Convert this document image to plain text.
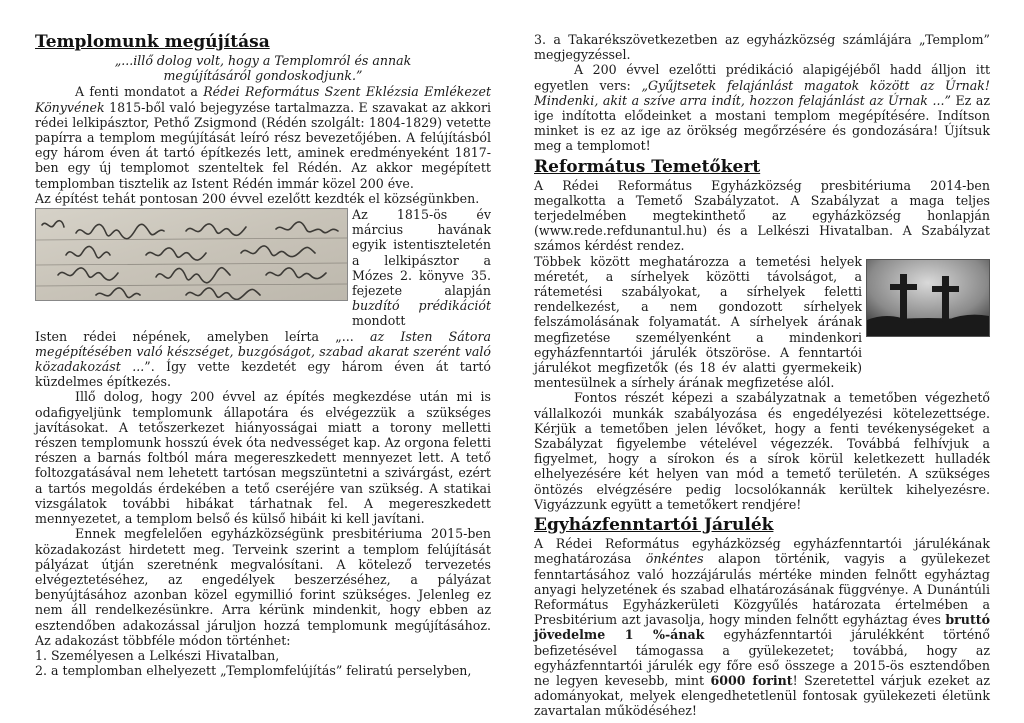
Templomunk megújítása

„...illő dolog volt, hogy a Templomról és annak megújításáról gondoskodjunk.”

A fenti mondatot a Rédei Református Szent Eklézsia Emlékezet Könyvének 1815-ből való bejegyzése tartalmazza. E szavakat az akkori rédei lelkipásztor, Pethő Zsigmond (Rédén szolgált: 1804-1829) vetette papírra a templom megújítását leíró rész bevezetőjében. A felújításból egy három éven át tartó építkezés lett, aminek eredményeként 1817-ben egy új templomot szenteltek fel Rédén. Az akkor megépített templomban tisztelik az Istent Rédén immár közel 200 éve.

Az építést tehát pontosan 200 évvel ezelőtt kezdték el községünkben.

Az 1815-ös év március havának egyik istentiszteletén a lelkipásztor a Mózes 2. könyve 35. fejezete alapján buzdító prédikációt mondott

Isten rédei népének, amelyben leírta „... az Isten Sátora megépítésében való készséget, buzgóságot, szabad akarat szerént való közadakozást ...”. Így vette kezdetét egy három éven át tartó küzdelmes építkezés.

Illő dolog, hogy 200 évvel az építés megkezdése után mi is odafigyeljünk templomunk állapotára és elvégezzük a szükséges javításokat. A tetőszerkezet hiányosságai miatt a torony melletti részen templomunk hosszú évek óta nedvességet kap. Az orgona feletti részen a barnás foltból mára megereszkedett mennyezet lett. A tető foltozgatásával nem lehetett tartósan megszüntetni a szivárgást, ezért a tartós megoldás érdekében a tető cseréjére van szükség. A statikai vizsgálatok további hibákat tárhatnak fel. A megereszkedett mennyezetet, a templom belső és külső hibáit ki kell javítani.

Ennek megfelelően egyházközségünk presbitériuma 2015-ben közadakozást hirdetett meg. Terveink szerint a templom felújítását pályázat útján szeretnénk megvalósítani. A kötelező tervezetés elvégeztetéséhez, az engedélyek beszerzéséhez, a pályázat benyújtásához azonban közel egymillió forint szükséges. Jelenleg ez nem áll rendelkezésünkre. Arra kérünk mindenkit, hogy ebben az esztendőben adakozással járuljon hozzá templomunk megújításához. Az adakozást többféle módon történhet:

1. Személyesen a Lelkészi Hivatalban,
2. a templomban elhelyezett „Templomfelújítás” feliratú perselyben,

3. a Takarékszövetkezetben az egyházközség számlájára „Templom” megjegyzéssel.

A 200 évvel ezelőtti prédikáció alapigéjéből hadd álljon itt egyetlen vers: „Gyűjtsetek felajánlást magatok között az Úrnak! Mindenki, akit a szíve arra indít, hozzon felajánlást az Úrnak ...” Ez az ige indította elődeinket a mostani templom megépítésére. Indítson minket is ez az ige az örökség megőrzésére és gondozására! Újítsuk meg a templomot!

Református Temetőkert

A Rédei Református Egyházközség presbitériuma 2014-ben megalkotta a Temető Szabályzatot. A Szabályzat a maga teljes terjedelmében megtekinthető az egyházközség honlapján (www.rede.refdunantul.hu) és a Lelkészi Hivatalban. A Szabályzat számos kérdést rendez.

Többek között meghatározza a temetési helyek méretét, a sírhelyek közötti távolságot, a rátemetési szabályokat, a sírhelyek feletti rendelkezést, a nem gondozott sírhelyek felszámolásának folyamatát. A sírhelyek árának megfizetése személyenként a mindenkori egyházfenntartói járulék ötszöröse. A fenntartói járulékot megfizetők (és 18 év alatti gyermekeik) mentesülnek a sírhely árának megfizetése alól.

Fontos részét képezi a szabályzatnak a temetőben végezhető vállalkozói munkák szabályozása és engedélyezési kötelezettsége. Kérjük a temetőben jelen lévőket, hogy a fenti tevékenységeket a Szabályzat figyelembe vételével végezzék. Továbbá felhívjuk a figyelmet, hogy a sírokon és a sírok körül keletkezett hulladék elhelyezésére két helyen van mód a temető területén. A szükséges öntözés elvégzésére pedig locsolókannák kerültek kihelyezésre. Vigyázzunk együtt a temetőkert rendjére!

Egyházfenntartói Járulék

A Rédei Református egyházközség egyházfenntartói járulékának meghatározása önkéntes alapon történik, vagyis a gyülekezet fenntartásához való hozzájárulás mértéke minden felnőtt egyháztag anyagi helyzetének és szabad elhatározásának függvénye. A Dunántúli Református Egyházkerületi Közgyűlés határozata értelmében a Presbitérium azt javasolja, hogy minden felnőtt egyháztag éves bruttó jövedelme 1 %-ának egyházfenntartói járulékként történő befizetésével támogassa a gyülekezetet; továbbá, hogy az egyházfenntartói járulék egy főre eső összege a 2015-ös esztendőben ne legyen kevesebb, mint 6000 forint! Szeretettel várjuk ezeket az adományokat, melyek elengedhetetlenül fontosak gyülekezeti életünk zavartalan működéséhez!
